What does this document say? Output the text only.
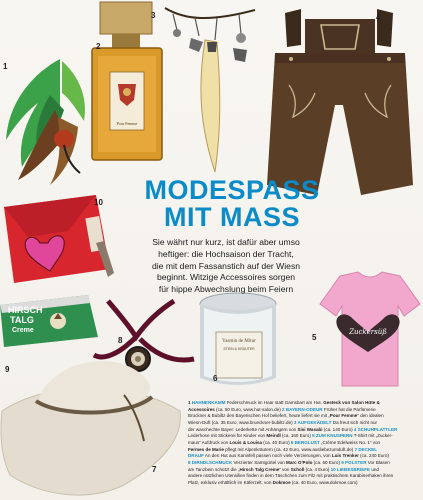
1
Pour Femme
2
3	4
10
HIRSCH
TALG
Creme
9
8	Yasmin de Mitur
STEIN & KRÄUTER
6
Zuckersüß
5
7
MODESPASS
MIT MASS
Sie währt nur kurz, ist dafür aber umso
heftiger: die Hochsaison der Tracht,
die mit dem Fassanstich auf der Wiesn
beginnt. Witzige Accessoires sorgen
für hippe Abwechslung beim Feiern
1 HAHNENKAMM Federschmuck im Haar statt Gamsbart am Hut. Gesteck von Salon Hüte &
Accessoires (ca. 50 Euro, www.hut-salon.de) 2 BAYERN-ODEUR Früher hat die Parfümerie
Brückner & Bubiltz den Bayerischen Hof beliefert, heute liefert sie mit „Pour Femme“ den idealen
Wiesn-Duft (ca. 35 Euro, www.brueckner-bubiltz.de) 3 AUFGEKÄDELT Da freut sich nicht nur
der waschechte Bayer: Lederkette mit Anhängern von Sisi Wasabi (ca. 140 Euro) 4 SCHUHPLATTLER
Lederhose mit Stickerei für Kinder von Meindl (ca. 160 Euro) 5 ZUM KNUSPERN T-Shirt mit „Zucker-
maus“ Aufdruck von Louis & Louisa (ca. 40 Euro) 6 BERGLUST „Crème Edelweiss No. 1“ von
Fermes de Marie pflegt mit Alpenkräutern (ca. 42 Euro, www.ausliebezumduft.de) 7 DECKEL
DRAUF An den Hut aus Kaninfell passen noch viele Verzierungen, von Luis Trenker (ca. 240 Euro)
8 DIRNDLSCHMUCK Verzierter Samtgürtel von Marc O'Polo (ca. 60 Euro) 9 POLSTER Vor Blasen
am Tanzbein schützt die „Hirsch Talg Creme“ von Scholl (ca. 4 Euro) 10 LIEBESBRIEFE und
andere nützlichen Utensilien finden in dem Täschchen zum Filz mit praktischem Karabinerhaken ihren
Platz, exklusiv erhältlich im Käferzelt, von Dokmoe (ca. 40 Euro, www.dokmoe.com)
